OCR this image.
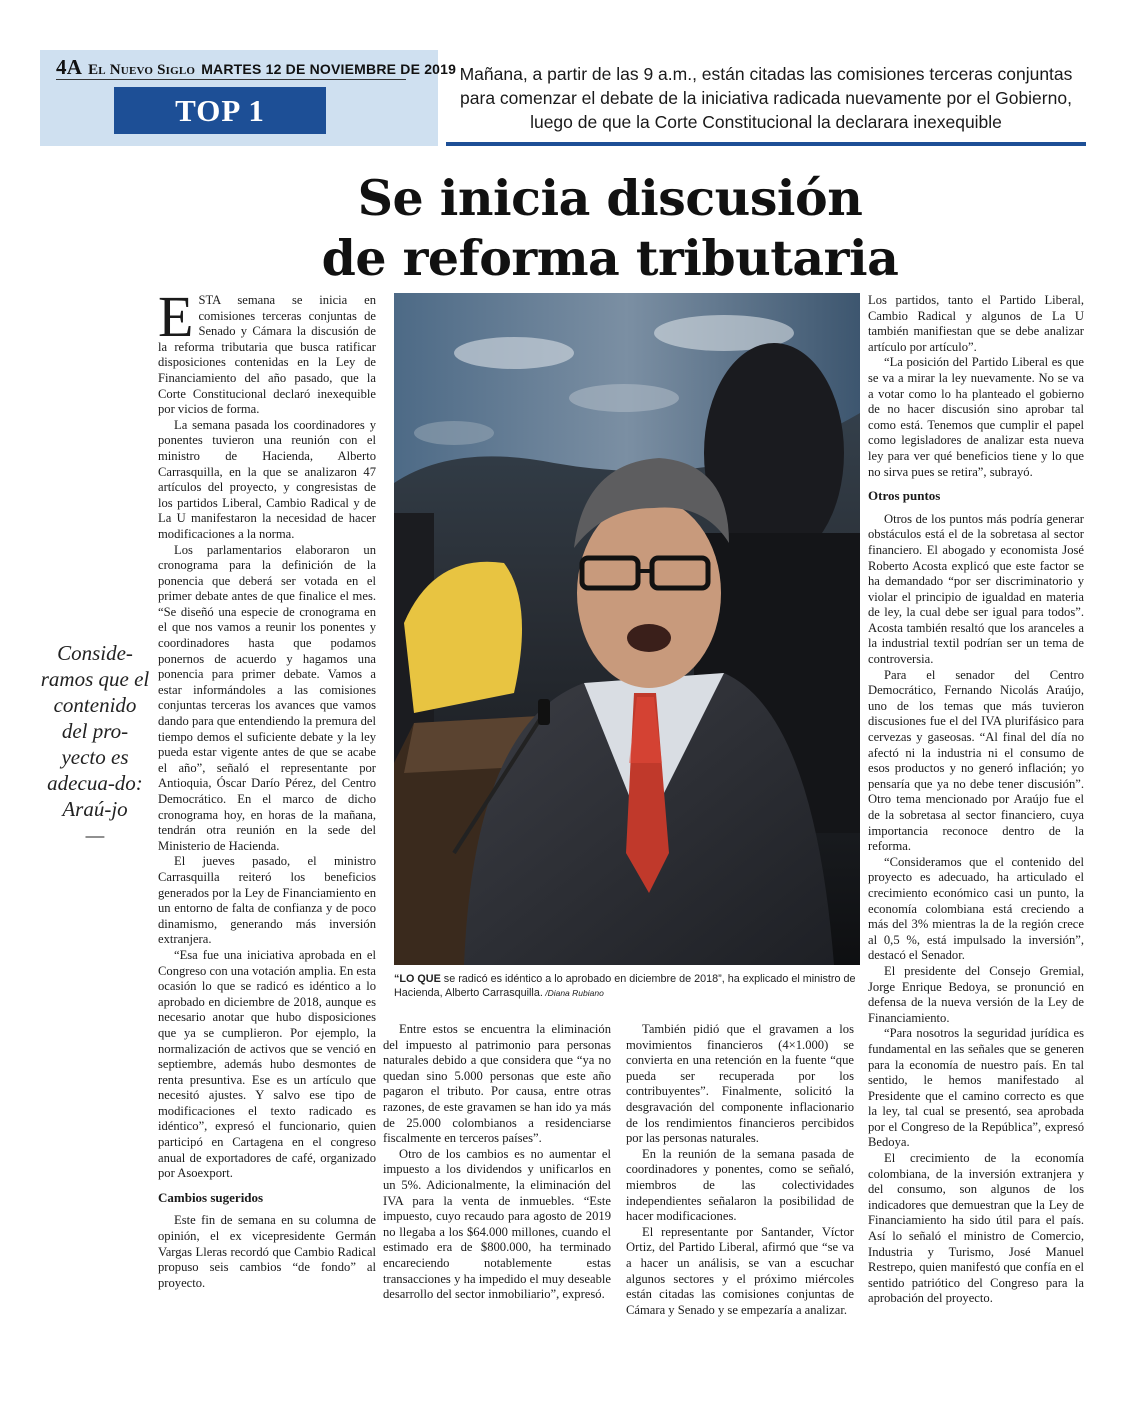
4A El Nuevo Siglo MARTES 12 DE NOVIEMBRE DE 2019
TOP 1
Mañana, a partir de las 9 a.m., están citadas las comisiones terceras conjuntas para comenzar el debate de la iniciativa radicada nuevamente por el Gobierno, luego de que la Corte Constitucional la declarara inexequible
Se inicia discusión
de reforma tributaria
Conside-ramos que el contenido del pro-yecto es adecua-do: Araú-jo
—

ESTA semana se inicia en comisiones terceras conjuntas de Senado y Cámara la discusión de la reforma tributaria que busca ratificar disposiciones contenidas en la Ley de Financiamiento del año pasado, que la Corte Constitucional declaró inexequible por vicios de forma.

La semana pasada los coordinadores y ponentes tuvieron una reunión con el ministro de Hacienda, Alberto Carrasquilla, en la que se analizaron 47 artículos del proyecto, y congresistas de los partidos Liberal, Cambio Radical y de La U manifestaron la necesidad de hacer modificaciones a la norma.

Los parlamentarios elaboraron un cronograma para la definición de la ponencia que deberá ser votada en el primer debate antes de que finalice el mes. “Se diseñó una especie de cronograma en el que nos vamos a reunir los ponentes y coordinadores hasta que podamos ponernos de acuerdo y hagamos una ponencia para primer debate. Vamos a estar informándoles a las comisiones conjuntas terceras los avances que vamos dando para que entendiendo la premura del tiempo demos el suficiente debate y la ley pueda estar vigente antes de que se acabe el año”, señaló el representante por Antioquia, Óscar Darío Pérez, del Centro Democrático. En el marco de dicho cronograma hoy, en horas de la mañana, tendrán otra reunión en la sede del Ministerio de Hacienda.

El jueves pasado, el ministro Carrasquilla reiteró los beneficios generados por la Ley de Financiamiento en un entorno de falta de confianza y de poco dinamismo, generando más inversión extranjera.

“Esa fue una iniciativa aprobada en el Congreso con una votación amplia. En esta ocasión lo que se radicó es idéntico a lo aprobado en diciembre de 2018, aunque es necesario anotar que hubo disposiciones que ya se cumplieron. Por ejemplo, la normalización de activos que se venció en septiembre, además hubo desmontes de renta presuntiva. Ese es un artículo que necesitó ajustes. Y salvo ese tipo de modificaciones el texto radicado es idéntico”, expresó el funcionario, quien participó en Cartagena en el congreso anual de exportadores de café, organizado por Asoexport.

Cambios sugeridos

Este fin de semana en su columna de opinión, el ex vicepresidente Germán Vargas Lleras recordó que Cambio Radical propuso seis cambios “de fondo” al proyecto.

“LO QUE se radicó es idéntico a lo aprobado en diciembre de 2018”, ha explicado el ministro de Hacienda, Alberto Carrasquilla. /Diana Rubiano

Entre estos se encuentra la eliminación del impuesto al patrimonio para personas naturales debido a que considera que “ya no quedan sino 5.000 personas que este año pagaron el tributo. Por causa, entre otras razones, de este gravamen se han ido ya más de 25.000 colombianos a residenciarse fiscalmente en terceros países”.

Otro de los cambios es no aumentar el impuesto a los dividendos y unificarlos en un 5%. Adicionalmente, la eliminación del IVA para la venta de inmuebles. “Este impuesto, cuyo recaudo para agosto de 2019 no llegaba a los $64.000 millones, cuando el estimado era de $800.000, ha terminado encareciendo notablemente estas transacciones y ha impedido el muy deseable desarrollo del sector inmobiliario”, expresó.

También pidió que el gravamen a los movimientos financieros (4×1.000) se convierta en una retención en la fuente “que pueda ser recuperada por los contribuyentes”. Finalmente, solicitó la desgravación del componente inflacionario de los rendimientos financieros percibidos por las personas naturales.

En la reunión de la semana pasada de coordinadores y ponentes, como se señaló, miembros de las colectividades independientes señalaron la posibilidad de hacer modificaciones.

El representante por Santander, Víctor Ortiz, del Partido Liberal, afirmó que “se va a hacer un análisis, se van a escuchar algunos sectores y el próximo miércoles están citadas las comisiones conjuntas de Cámara y Senado y se empezaría a analizar.

Los partidos, tanto el Partido Liberal, Cambio Radical y algunos de La U también manifiestan que se debe analizar artículo por artículo”.

“La posición del Partido Liberal es que se va a mirar la ley nuevamente. No se va a votar como lo ha planteado el gobierno de no hacer discusión sino aprobar tal como está. Tenemos que cumplir el papel como legisladores de analizar esta nueva ley para ver qué beneficios tiene y lo que no sirva pues se retira”, subrayó.

Otros puntos

Otros de los puntos más podría generar obstáculos está el de la sobretasa al sector financiero. El abogado y economista José Roberto Acosta explicó que este factor se ha demandado “por ser discriminatorio y violar el principio de igualdad en materia de ley, la cual debe ser igual para todos”. Acosta también resaltó que los aranceles a la industrial textil podrían ser un tema de controversia.

Para el senador del Centro Democrático, Fernando Nicolás Araújo, uno de los temas que más tuvieron discusiones fue el del IVA plurifásico para cervezas y gaseosas. “Al final del día no afectó ni la industria ni el consumo de esos productos y no generó inflación; yo pensaría que ya no debe tener discusión”. Otro tema mencionado por Araújo fue el de la sobretasa al sector financiero, cuya importancia reconoce dentro de la reforma.

“Consideramos que el contenido del proyecto es adecuado, ha articulado el crecimiento económico casi un punto, la economía colombiana está creciendo a más del 3% mientras la de la región crece al 0,5 %, está impulsado la inversión”, destacó el Senador.

El presidente del Consejo Gremial, Jorge Enrique Bedoya, se pronunció en defensa de la nueva versión de la Ley de Financiamiento.

“Para nosotros la seguridad jurídica es fundamental en las señales que se generen para la economía de nuestro país. En tal sentido, le hemos manifestado al Presidente que el camino correcto es que la ley, tal cual se presentó, sea aprobada por el Congreso de la República”, expresó Bedoya.

El crecimiento de la economía colombiana, de la inversión extranjera y del consumo, son algunos de los indicadores que demuestran que la Ley de Financiamiento ha sido útil para el país. Así lo señaló el ministro de Comercio, Industria y Turismo, José Manuel Restrepo, quien manifestó que confía en el sentido patriótico del Congreso para la aprobación del proyecto.
